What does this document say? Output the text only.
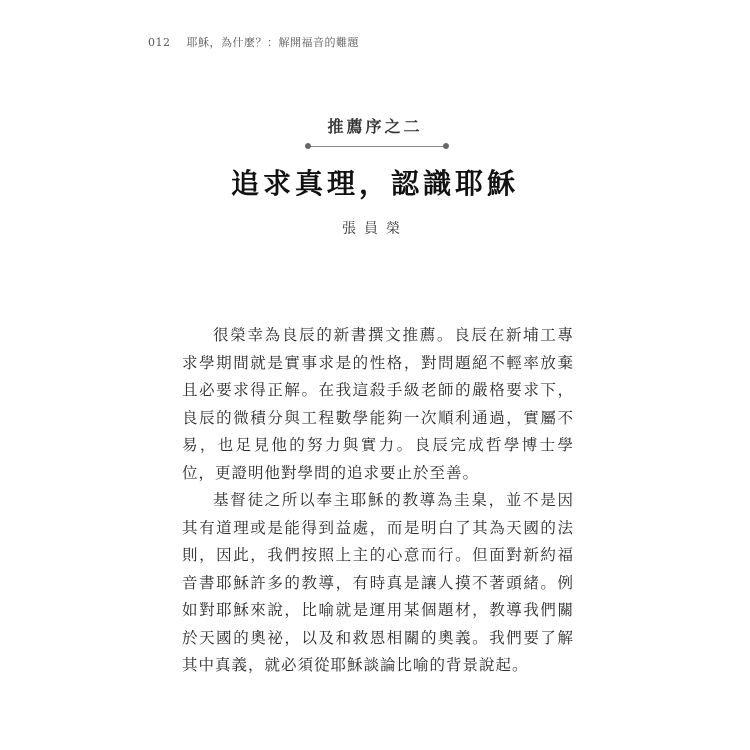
012 耶穌，為什麼？：解開福音的難題
推薦序之二
追求真理，認識耶穌
張員榮

很榮幸為良辰的新書撰文推薦。良辰在新埔工專求學期間就是實事求是的性格，對問題絕不輕率放棄且必要求得正解。在我這殺手級老師的嚴格要求下，良辰的微積分與工程數學能夠一次順利通過，實屬不易，也足見他的努力與實力。良辰完成哲學博士學位，更證明他對學問的追求要止於至善。

基督徒之所以奉主耶穌的教導為圭臬，並不是因其有道理或是能得到益處，而是明白了其為天國的法則，因此，我們按照上主的心意而行。但面對新約福音書耶穌許多的教導，有時真是讓人摸不著頭緒。例如對耶穌來說，比喻就是運用某個題材，教導我們關於天國的奧祕，以及和救恩相關的奧義。我們要了解其中真義，就必須從耶穌談論比喻的背景說起。
